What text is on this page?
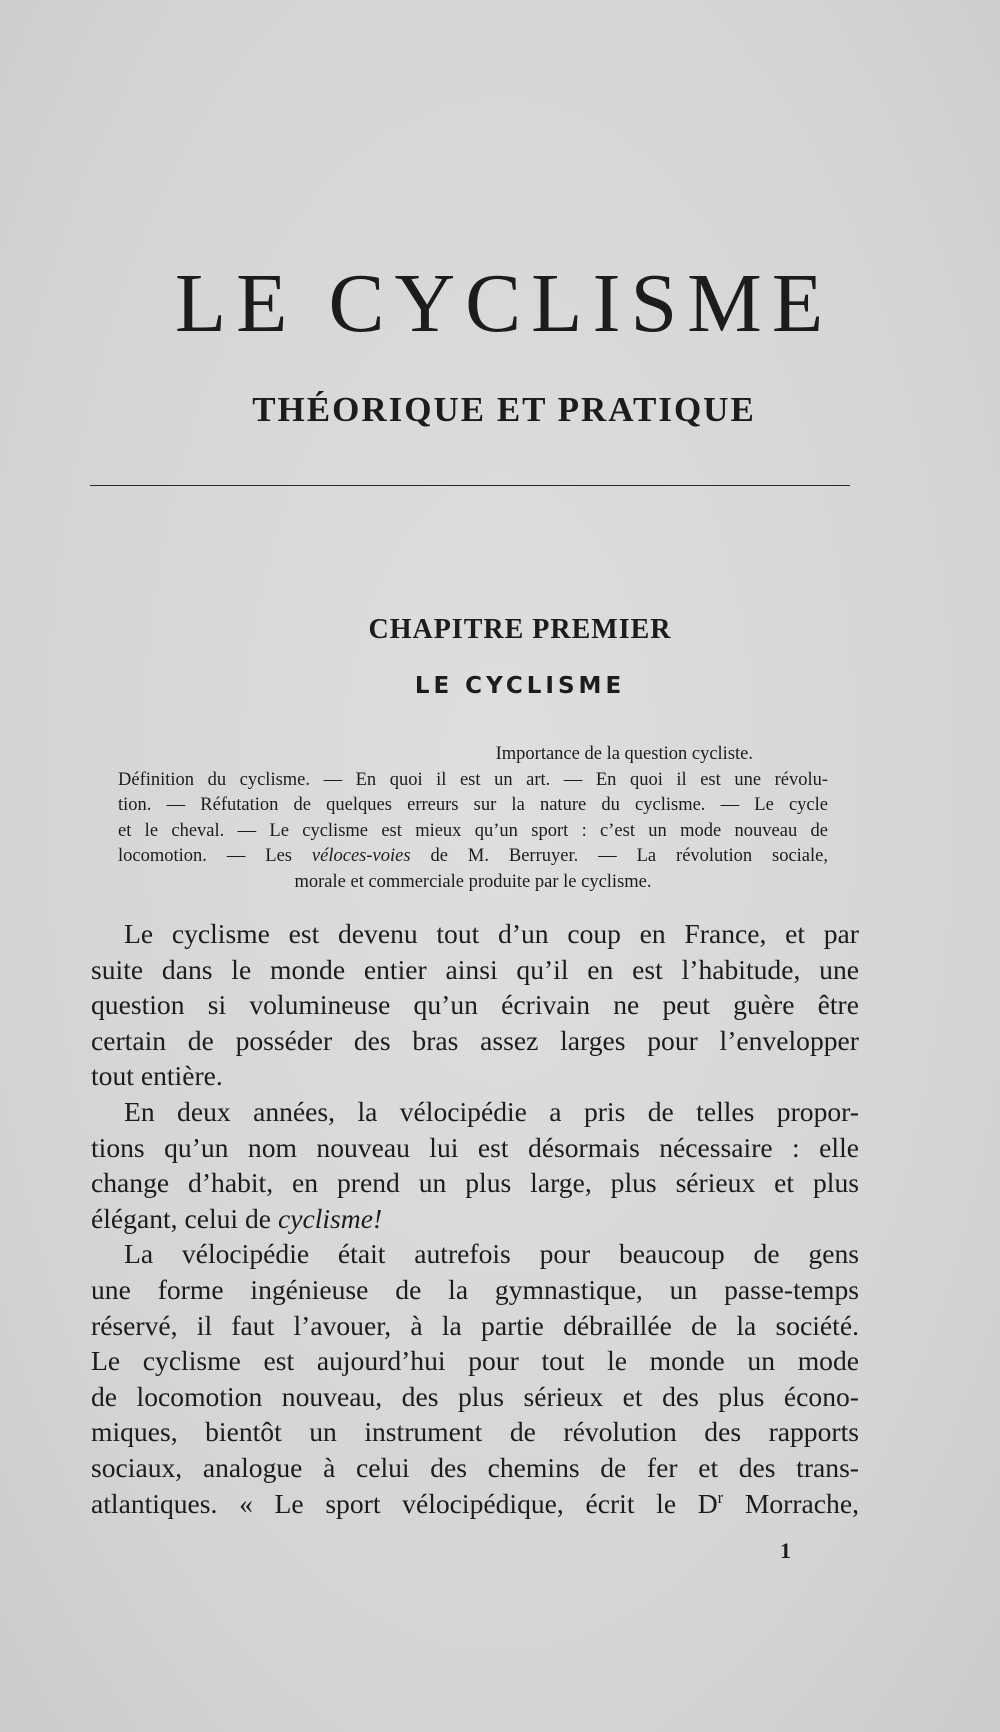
LE CYCLISME
THÉORIQUE ET PRATIQUE
CHAPITRE PREMIER
LE CYCLISME
Importance de la question cycliste.
Définition du cyclisme. — En quoi il est un art. — En quoi il est une révolu-
tion. — Réfutation de quelques erreurs sur la nature du cyclisme. — Le cycle
et le cheval. — Le cyclisme est mieux qu’un sport : c’est un mode nouveau de
locomotion. — Les véloces-voies de M. Berruyer. — La révolution sociale,
morale et commerciale produite par le cyclisme.
Le cyclisme est devenu tout d’un coup en France, et par
suite dans le monde entier ainsi qu’il en est l’habitude, une
question si volumineuse qu’un écrivain ne peut guère être
certain de posséder des bras assez larges pour l’envelopper
tout entière.
En deux années, la vélocipédie a pris de telles propor-
tions qu’un nom nouveau lui est désormais nécessaire : elle
change d’habit, en prend un plus large, plus sérieux et plus
élégant, celui de cyclisme!
La vélocipédie était autrefois pour beaucoup de gens
une forme ingénieuse de la gymnastique, un passe-temps
réservé, il faut l’avouer, à la partie débraillée de la société.
Le cyclisme est aujourd’hui pour tout le monde un mode
de locomotion nouveau, des plus sérieux et des plus écono-
miques, bientôt un instrument de révolution des rapports
sociaux, analogue à celui des chemins de fer et des trans-
atlantiques. « Le sport vélocipédique, écrit le $D^r$ Morrache,
1
